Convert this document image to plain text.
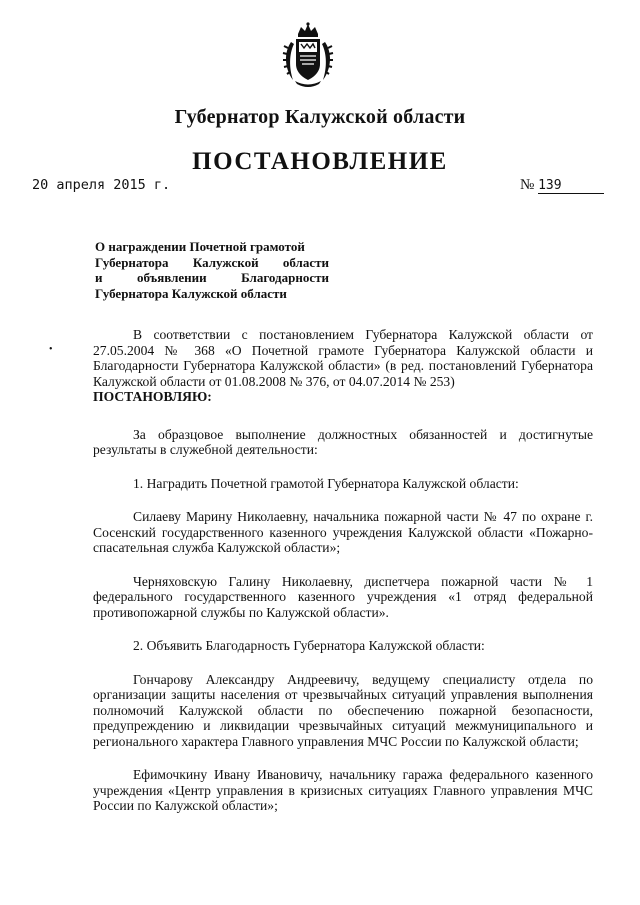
Губернатор Калужской области
ПОСТАНОВЛЕНИЕ
20 апреля 2015 г.	№ 139
О награждении Почетной грамотой
Губернатора Калужской области
и объявлении Благодарности
Губернатора Калужской области
•

В соответствии с постановлением Губернатора Калужской области от 27.05.2004 № 368 «О Почетной грамоте Губернатора Калужской области и Благодарности Губернатора Калужской области» (в ред. постановлений Губернатора Калужской области от 01.08.2008 № 376, от 04.07.2014 № 253)
ПОСТАНОВЛЯЮ:

За образцовое выполнение должностных обязанностей и достигнутые результаты в служебной деятельности:

1. Наградить Почетной грамотой Губернатора Калужской области:

Силаеву Марину Николаевну, начальника пожарной части № 47 по охране г. Сосенский государственного казенного учреждения Калужской области «Пожарно-спасательная служба Калужской области»;

Черняховскую Галину Николаевну, диспетчера пожарной части № 1 федерального государственного казенного учреждения «1 отряд федеральной противопожарной службы по Калужской области».

2. Объявить Благодарность Губернатора Калужской области:

Гончарову Александру Андреевичу, ведущему специалисту отдела по организации защиты населения от чрезвычайных ситуаций управления выполнения полномочий Калужской области по обеспечению пожарной безопасности, предупреждению и ликвидации чрезвычайных ситуаций межмуниципального и регионального характера Главного управления МЧС России по Калужской области;

Ефимочкину Ивану Ивановичу, начальнику гаража федерального казенного учреждения «Центр управления в кризисных ситуациях Главного управления МЧС России по Калужской области»;
